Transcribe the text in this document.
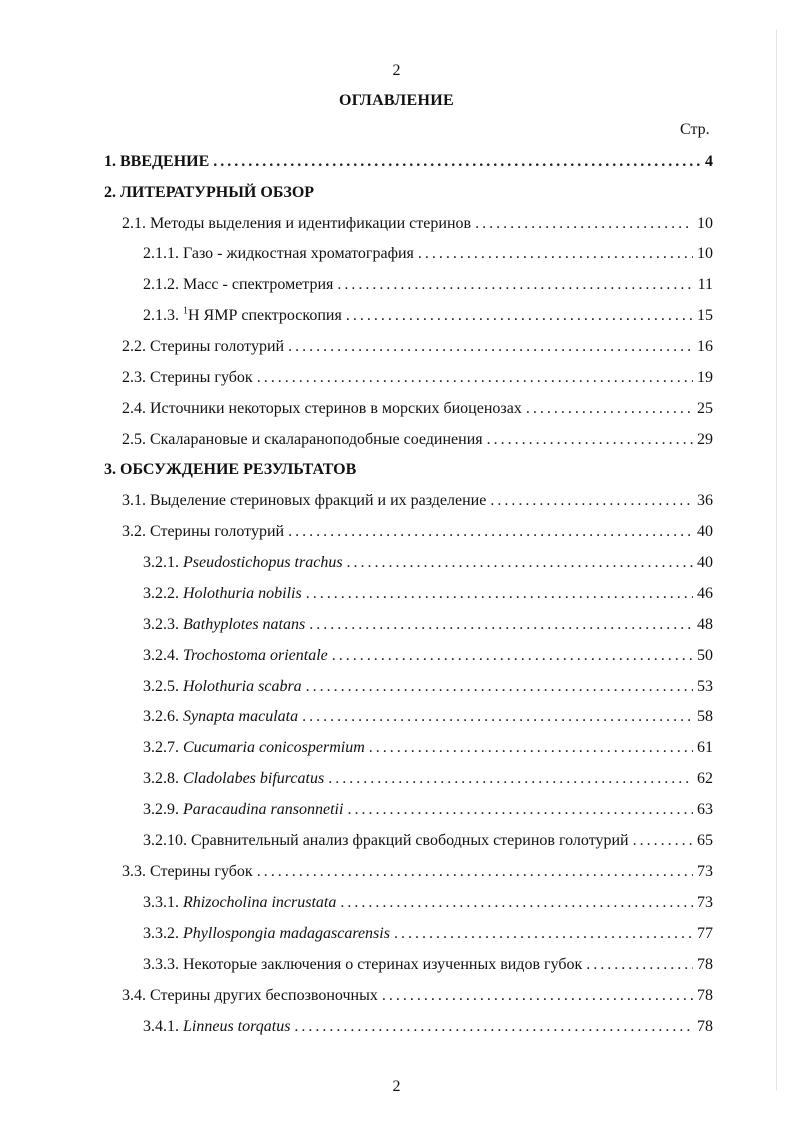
2
ОГЛАВЛЕНИЕ
Стр.
1. ВВЕДЕНИЕ .....	4
2. ЛИТЕРАТУРНЫЙ ОБЗОР
2.1. Методы выделения и идентификации стеринов .....	10
2.1.1. Газо - жидкостная хроматография .....	10
2.1.2. Масс - спектрометрия .....	11
2.1.3. $^1$Н ЯМР спектроскопия .....	15
2.2. Стерины голотурий .....	16
2.3. Стерины губок .....	19
2.4. Источники некоторых стеринов в морских биоценозах .....	25
2.5. Скаларановые и скаларaноподобные соединения .....	29
3. ОБСУЖДЕНИЕ РЕЗУЛЬТАТОВ
3.1. Выделение стериновых фракций и их разделение .....	36
3.2. Стерины голотурий .....	40
3.2.1. Pseudostichopus trachus .....	40
3.2.2. Holothuria nobilis .....	46
3.2.3. Bathyplotes natans .....	48
3.2.4. Trochostoma orientale .....	50
3.2.5. Holothuria scabra .....	53
3.2.6. Synapta maculata .....	58
3.2.7. Cucumaria conicospermium .....	61
3.2.8. Cladolabes bifurcatus .....	62
3.2.9. Paracaudina ransonnetii .....	63
3.2.10. Сравнительный анализ фракций свободных стеринов голотурий .....	65
3.3. Стерины губок .....	73
3.3.1. Rhizocholina incrustata .....	73
3.3.2. Phyllospongia madagascarensis .....	77
3.3.3. Некоторые заключения о стеринах изученных видов губок .....	78
3.4. Стерины других беспозвоночных .....	78
3.4.1. Linneus torqatus .....	78
2
